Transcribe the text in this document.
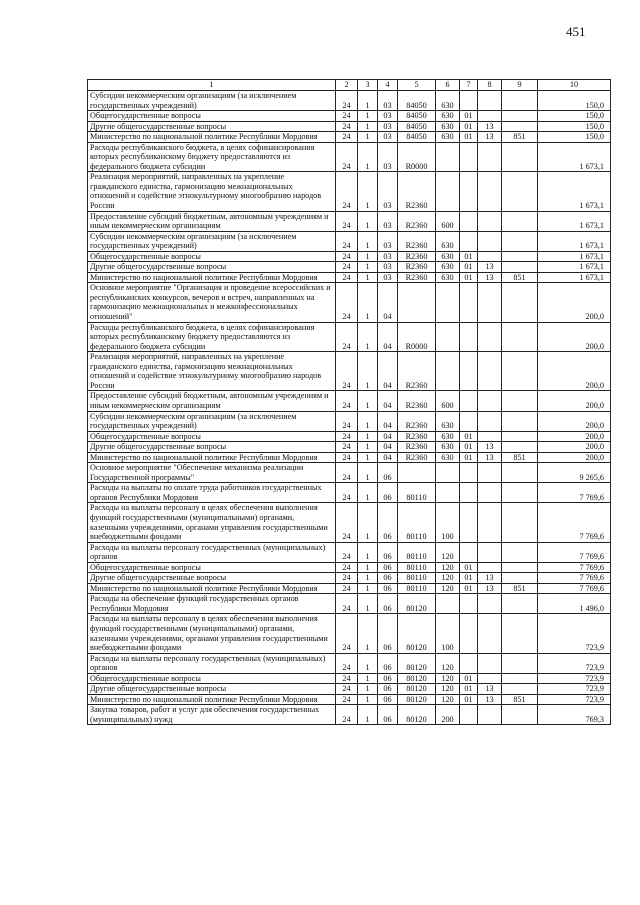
451
1	2	3	4	5	6	7	8	9	10
Субсидии некоммерческим организациям (за исключением государственных учреждений)	24	1	03	84050	630				150,0
Общегосударственные вопросы	24	1	03	84050	630	01			150,0
Другие общегосударственные вопросы	24	1	03	84050	630	01	13		150,0
Министерство по национальной политике Республики Мордовия	24	1	03	84050	630	01	13	851	150,0
Расходы республиканского бюджета, в целях софинансирования которых республиканскому бюджету предоставляются из федерального бюджета субсидии	24	1	03	R0000					1 673,1
Реализация мероприятий, направленных на укрепление гражданского единства, гармонизацию межнациональных отношений и содействие этнокультурному многообразию народов России	24	1	03	R2360					1 673,1
Предоставление субсидий бюджетным, автономным учреждениям и иным некоммерческим организациям	24	1	03	R2360	600				1 673,1
Субсидии некоммерческим организациям (за исключением государственных учреждений)	24	1	03	R2360	630				1 673,1
Общегосударственные вопросы	24	1	03	R2360	630	01			1 673,1
Другие общегосударственные вопросы	24	1	03	R2360	630	01	13		1 673,1
Министерство по национальной политике Республики Мордовия	24	1	03	R2360	630	01	13	851	1 673,1
Основное мероприятие "Организация и проведение всероссийских и республиканских конкурсов, вечеров и встреч, направленных на гармонизацию межнациональных и межконфессиональных отношений"	24	1	04						200,0
Расходы республиканского бюджета, в целях софинансирования которых республиканскому бюджету предоставляются из федерального бюджета субсидии	24	1	04	R0000					200,0
Реализация мероприятий, направленных на укрепление гражданского единства, гармонизацию межнациональных отношений и содействие этнокультурному многообразию народов России	24	1	04	R2360					200,0
Предоставление субсидий бюджетным, автономным учреждениям и иным некоммерческим организациям	24	1	04	R2360	600				200,0
Субсидии некоммерческим организациям (за исключением государственных учреждений)	24	1	04	R2360	630				200,0
Общегосударственные вопросы	24	1	04	R2360	630	01			200,0
Другие общегосударственные вопросы	24	1	04	R2360	630	01	13		200,0
Министерство по национальной политике Республики Мордовия	24	1	04	R2360	630	01	13	851	200,0
Основное мероприятие "Обеспечение механизма реализации Государственной программы"	24	1	06						9 265,6
Расходы на выплаты по оплате труда работников государственных органов Республики Мордовия	24	1	06	80110					7 769,6
Расходы на выплаты персоналу в целях обеспечения выполнения функций государственными (муниципальными) органами, казенными учреждениями, органами управления государственными внебюджетными фондами	24	1	06	80110	100				7 769,6
Расходы на выплаты персоналу государственных (муниципальных) органов	24	1	06	80110	120				7 769,6
Общегосударственные вопросы	24	1	06	80110	120	01			7 769,6
Другие общегосударственные вопросы	24	1	06	80110	120	01	13		7 769,6
Министерство по национальной политике Республики Мордовия	24	1	06	80110	120	01	13	851	7 769,6
Расходы на обеспечение функций государственных органов Республики Мордовия	24	1	06	80120					1 496,0
Расходы на выплаты персоналу в целях обеспечения выполнения функций государственными (муниципальными) органами, казенными учреждениями, органами управления государственными внебюджетными фондами	24	1	06	80120	100				723,9
Расходы на выплаты персоналу государственных (муниципальных) органов	24	1	06	80120	120				723,9
Общегосударственные вопросы	24	1	06	80120	120	01			723,9
Другие общегосударственные вопросы	24	1	06	80120	120	01	13		723,9
Министерство по национальной политике Республики Мордовия	24	1	06	80120	120	01	13	851	723,9
Закупка товаров, работ и услуг для обеспечения государственных (муниципальных) нужд	24	1	06	80120	200				769,3
